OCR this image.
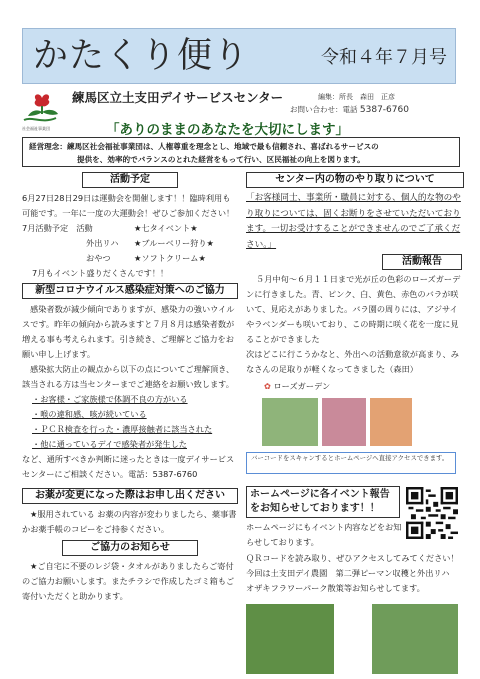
かたくり便り	令和４年７月号
社会福祉事業団
練馬区立土支田デイサービスセンター	編集：所長　森田　正彦
お問い合わせ：電話 5387-6760
「ありのままのあなたを大切にします」
経営理念：練馬区社会福祉事業団は、人権尊重を理念とし、地域で最も信頼され、喜ばれるサービスの
提供を、効率的でバランスのとれた経営をもって行い、区民福祉の向上を図ります。
活動予定
6月27日28日29日は運動会を開催します！！臨時利用も可能です。一年に一度の大運動会！ぜひご参加ください！
7月活動予定　活動	★七タイベント★
外出リハ	★ブルーベリー狩り★
おやつ	★ソフトクリーム★
7月もイベント盛りだくさんです！！
新型コロナウイルス感染症対策へのご協力
感染者数が減少傾向でありますが、感染力の強いウイルスです。昨年の傾向から読みますと７月８月は感染者数が増える事も考えられます。引き続き、ご理解とご協力をお願い申し上げます。
感染拡大防止の観点から以下の点についてご理解頂き、該当される方は当センターまでご連絡をお願い致します。
・お客様・ご家族様で体調不良の方がいる
・喉の違和感、咳が続いている
・ＰＣＲ検査を行った・濃厚接触者に該当された
・他に通っているデイで感染者が発生した
など、通所すべきか判断に迷ったときは一度デイサービスセンターにご相談ください。電話：5387-6760
お薬が変更になった際はお申し出ください
★服用されている お薬の内容が変わりましたら、薬事書かお薬手帳のコピーをご持参ください。
ご協力のお知らせ
★ご自宅に不要のレジ袋・タオルがありましたらご寄付のご協力お願いします。またチラシで作成したゴミ箱もご寄付いただくと助かります。
センター内の物のやり取りについて
「お客様同士、事業所・職員に対する、個人的な物のやり取りについては、固くお断りをさせていただいております。一切お受けすることができませんのでご了承ください。」
活動報告
５月中旬～６月１１日まで光が丘の色彩のローズガーデンに行きました。青、ピンク、白、黄色、赤色のバラが咲いて、見応えがありました。バラ園の周りには、アジサイやラベンダーも咲いており、この時期に咲く花を一度に見ることができました
次はどこに行こうかなと、外出への活動意欲が高まり、みなさんの足取りが軽くなってきました（森田）
✿ ローズガーデン
バーコードをスキャンするとホームページへ直接アクセスできます。
ホームページに各イベント報告
をお知らせしております！！
ホームページにもイベント内容などをお知らせしております。
ＱＲコードを読み取り、ぜひアクセスしてみてください！今回は土支田デイ農園　第二弾ピーマン収穫と外出リハ　オザキフラワーパーク散策等お知らせしてます。
